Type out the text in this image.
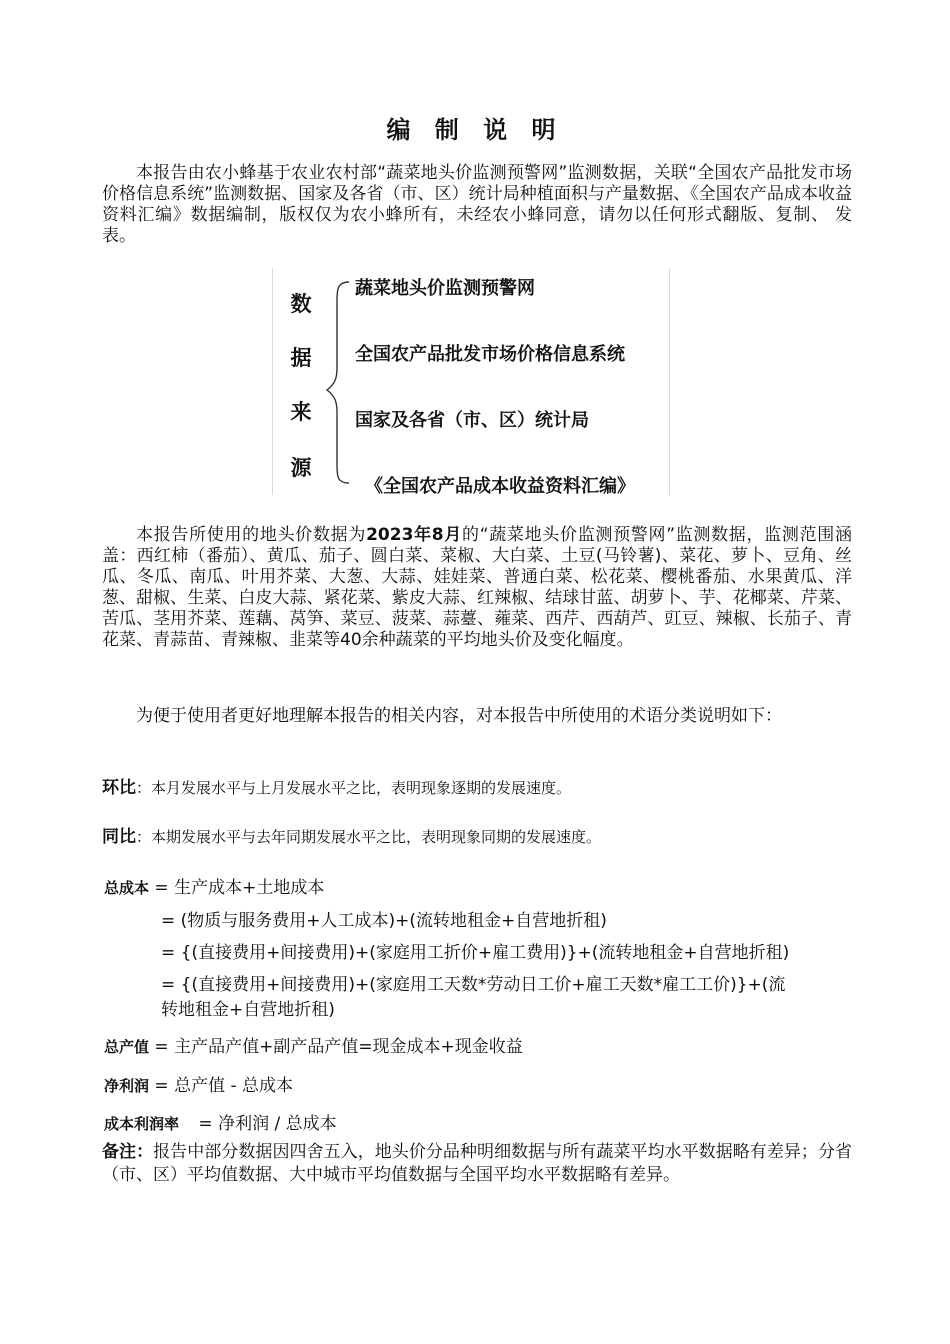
编 制 说 明

本报告由农小蜂基于农业农村部“蔬菜地头价监测预警网”监测数据，关联“全国农产品批发市场价格信息系统”监测数据、国家及各省（市、区）统计局种植面积与产量数据、《全国农产品成本收益资料汇编》数据编制，版权仅为农小蜂所有，未经农小蜂同意，请勿以任何形式翻版、复制、 发表。

数
据
来
源
蔬菜地头价监测预警网
全国农产品批发市场价格信息系统
国家及各省（市、区）统计局
《全国农产品成本收益资料汇编》

本报告所使用的地头价数据为2023年8月的“蔬菜地头价监测预警网”监测数据，监测范围涵盖：西红柿（番茄）、黄瓜、茄子、圆白菜、菜椒、大白菜、土豆(马铃薯)、菜花、萝卜、豆角、丝瓜、冬瓜、南瓜、叶用芥菜、大葱、大蒜、娃娃菜、普通白菜、松花菜、樱桃番茄、水果黄瓜、洋葱、甜椒、生菜、白皮大蒜、紧花菜、紫皮大蒜、红辣椒、结球甘蓝、胡萝卜、芋、花椰菜、芹菜、苦瓜、茎用芥菜、莲藕、莴笋、菜豆、菠菜、蒜薹、蕹菜、西芹、西葫芦、豇豆、辣椒、长茄子、青花菜、青蒜苗、青辣椒、韭菜等40余种蔬菜的平均地头价及变化幅度。

为便于使用者更好地理解本报告的相关内容，对本报告中所使用的术语分类说明如下：

环比：本月发展水平与上月发展水平之比，表明现象逐期的发展速度。
同比：本期发展水平与去年同期发展水平之比，表明现象同期的发展速度。
总成本 = 生产成本+土地成本
= (物质与服务费用+人工成本)+(流转地租金+自营地折租)
= {(直接费用+间接费用)+(家庭用工折价+雇工费用)}+(流转地租金+自营地折租)
= {(直接费用+间接费用)+(家庭用工天数*劳动日工价+雇工天数*雇工工价)}+(流
转地租金+自营地折租)
总产值 = 主产品产值+副产品产值=现金成本+现金收益
净利润 = 总产值 - 总成本
成本利润率 = 净利润 / 总成本

备注：报告中部分数据因四舍五入，地头价分品种明细数据与所有蔬菜平均水平数据略有差异；分省（市、区）平均值数据、大中城市平均值数据与全国平均水平数据略有差异。
